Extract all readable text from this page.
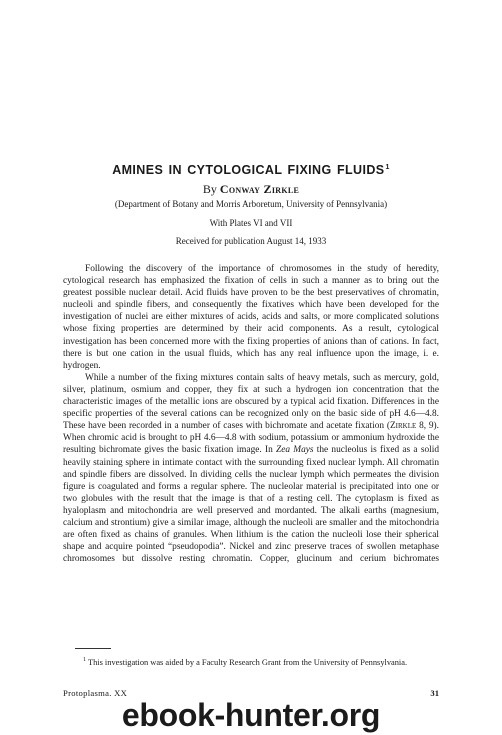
AMINES IN CYTOLOGICAL FIXING FLUIDS$^1$
By Conway Zirkle
(Department of Botany and Morris Arboretum, University of Pennsylvania)
With Plates VI and VII
Received for publication August 14, 1933

Following the discovery of the importance of chromosomes in the study of heredity, cytological research has emphasized the fixation of cells in such a manner as to bring out the greatest possible nuclear detail. Acid fluids have proven to be the best preservatives of chromatin, nucleoli and spindle fibers, and consequently the fixatives which have been developed for the investigation of nuclei are either mixtures of acids, acids and salts, or more complicated solutions whose fixing properties are determined by their acid components. As a result, cytological investigation has been concerned more with the fixing properties of anions than of cations. In fact, there is but one cation in the usual fluids, which has any real influence upon the image, i. e. hydrogen.

While a number of the fixing mixtures contain salts of heavy metals, such as mercury, gold, silver, platinum, osmium and copper, they fix at such a hydrogen ion concentration that the characteristic images of the metallic ions are obscured by a typical acid fixation. Differences in the specific properties of the several cations can be recognized only on the basic side of pH 4.6—4.8. These have been recorded in a number of cases with bichromate and acetate fixation (Zirkle 8, 9). When chromic acid is brought to pH 4.6—4.8 with sodium, potassium or ammonium hydroxide the resulting bichromate gives the basic fixation image. In Zea Mays the nucleolus is fixed as a solid heavily staining sphere in intimate contact with the surrounding fixed nuclear lymph. All chromatin and spindle fibers are dissolved. In dividing cells the nuclear lymph which permeates the division figure is coagulated and forms a regular sphere. The nucleolar material is precipitated into one or two globules with the result that the image is that of a resting cell. The cytoplasm is fixed as hyaloplasm and mitochondria are well preserved and mordanted. The alkali earths (magnesium, calcium and strontium) give a similar image, although the nucleoli are smaller and the mitochondria are often fixed as chains of granules. When lithium is the cation the nucleoli lose their spherical shape and acquire pointed “pseudopodia”. Nickel and zinc preserve traces of swollen metaphase chromosomes but dissolve resting chromatin. Copper, glucinum and cerium bichromates

$^1$ This investigation was aided by a Faculty Research Grant from the University of Pennsylvania.
Protoplasma. XX	31
ebook-hunter.org
